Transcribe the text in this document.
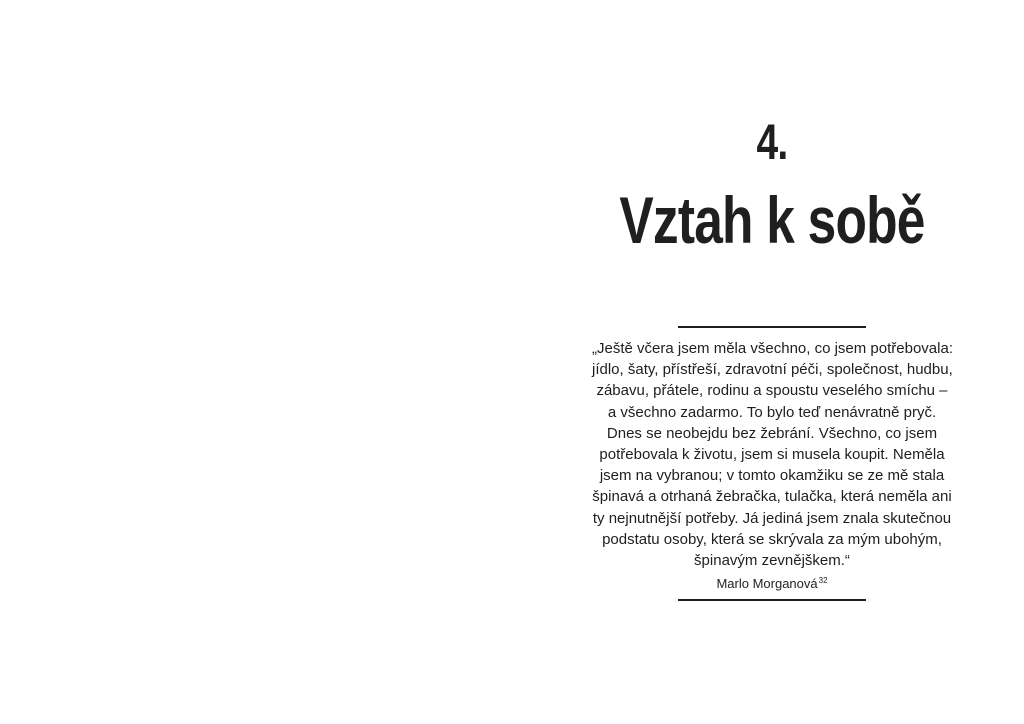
4.
Vztah k sobě

„Ještě včera jsem měla všechno, co jsem potřebovala:
jídlo, šaty, přístřeší, zdravotní péči, společnost, hudbu,
zábavu, přátele, rodinu a spoustu veselého smíchu –
a všechno zadarmo. To bylo teď nenávratně pryč.
Dnes se neobejdu bez žebrání. Všechno, co jsem
potřebovala k životu, jsem si musela koupit. Neměla
jsem na vybranou; v tomto okamžiku se ze mě stala
špinavá a otrhaná žebračka, tulačka, která neměla ani
ty nejnutnější potřeby. Já jediná jsem znala skutečnou
podstatu osoby, která se skrývala za mým ubohým,
špinavým zevnějškem.“

Marlo Morganová$^{32}$
